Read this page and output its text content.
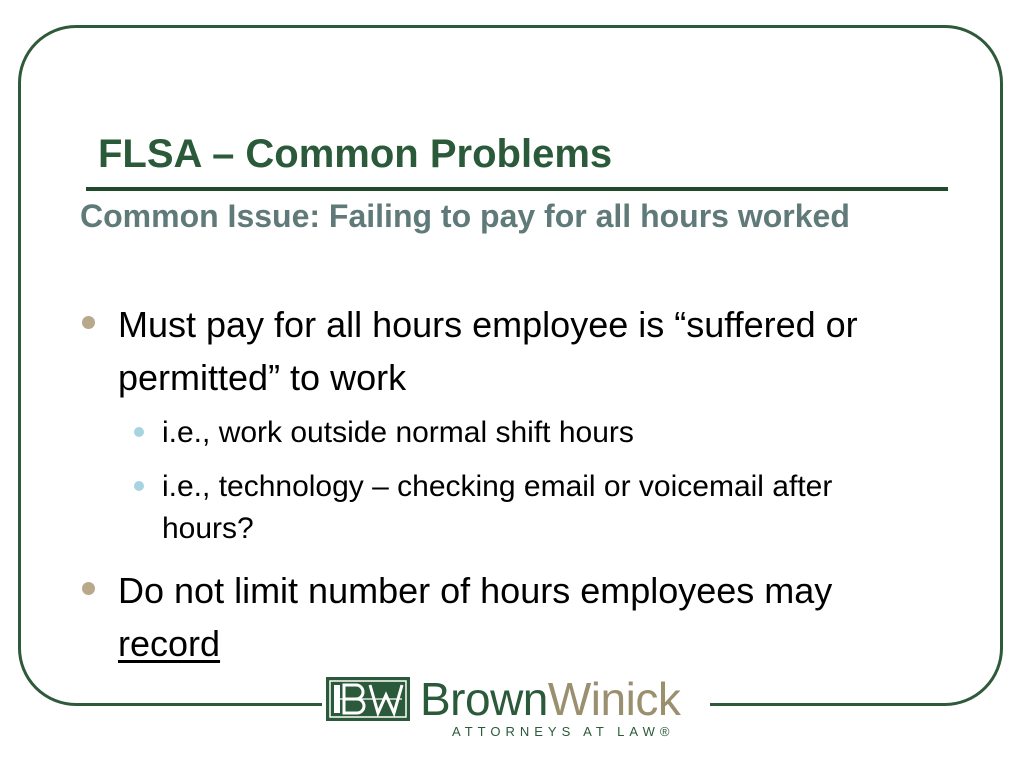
FLSA – Common Problems
Common Issue: Failing to pay for all hours worked

Must pay for all hours employee is “suffered or permitted” to work

i.e., work outside normal shift hours

i.e., technology – checking email or voicemail after hours?

Do not limit number of hours employees may record

BrownWinick
ATTORNEYS AT LAW®
